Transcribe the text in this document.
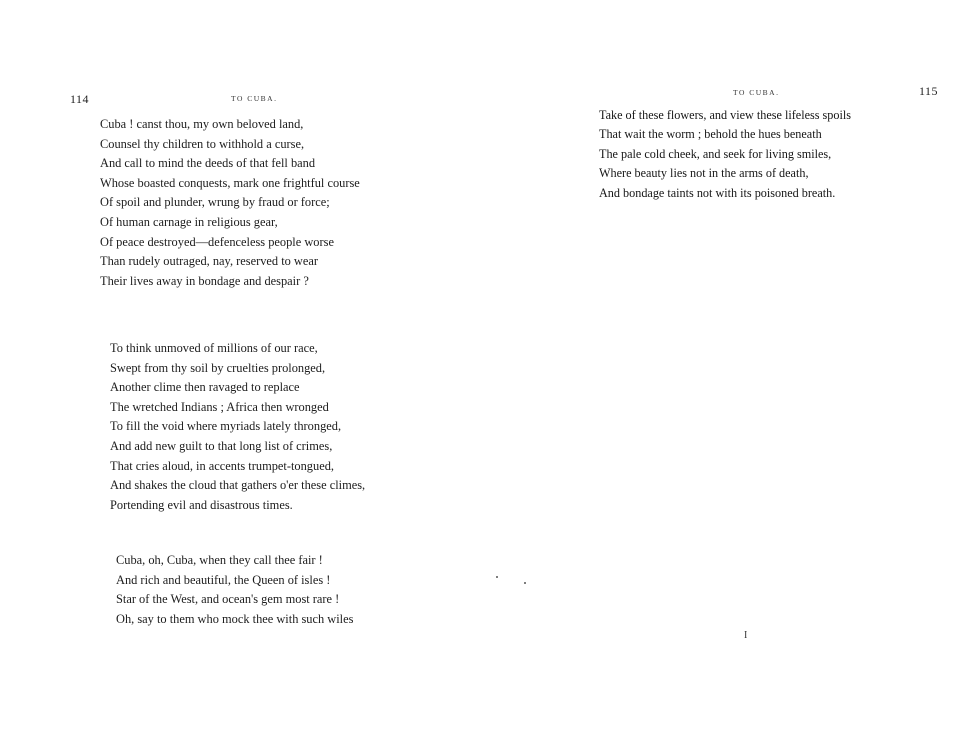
114	TO CUBA.
Cuba ! canst thou, my own beloved land,
Counsel thy children to withhold a curse,
And call to mind the deeds of that fell band
Whose boasted conquests, mark one frightful course
Of spoil and plunder, wrung by fraud or force;
Of human carnage in religious gear,
Of peace destroyed—defenceless people worse
Than rudely outraged, nay, reserved to wear
Their lives away in bondage and despair ?
To think unmoved of millions of our race,
Swept from thy soil by cruelties prolonged,
Another clime then ravaged to replace
The wretched Indians ; Africa then wronged
To fill the void where myriads lately thronged,
And add new guilt to that long list of crimes,
That cries aloud, in accents trumpet-tongued,
And shakes the cloud that gathers o'er these climes,
Portending evil and disastrous times.
Cuba, oh, Cuba, when they call thee fair !
And rich and beautiful, the Queen of isles !
Star of the West, and ocean's gem most rare !
Oh, say to them who mock thee with such wiles
TO CUBA.	115
Take of these flowers, and view these lifeless spoils
That wait the worm ; behold the hues beneath
The pale cold cheek, and seek for living smiles,
Where beauty lies not in the arms of death,
And bondage taints not with its poisoned breath.
I
